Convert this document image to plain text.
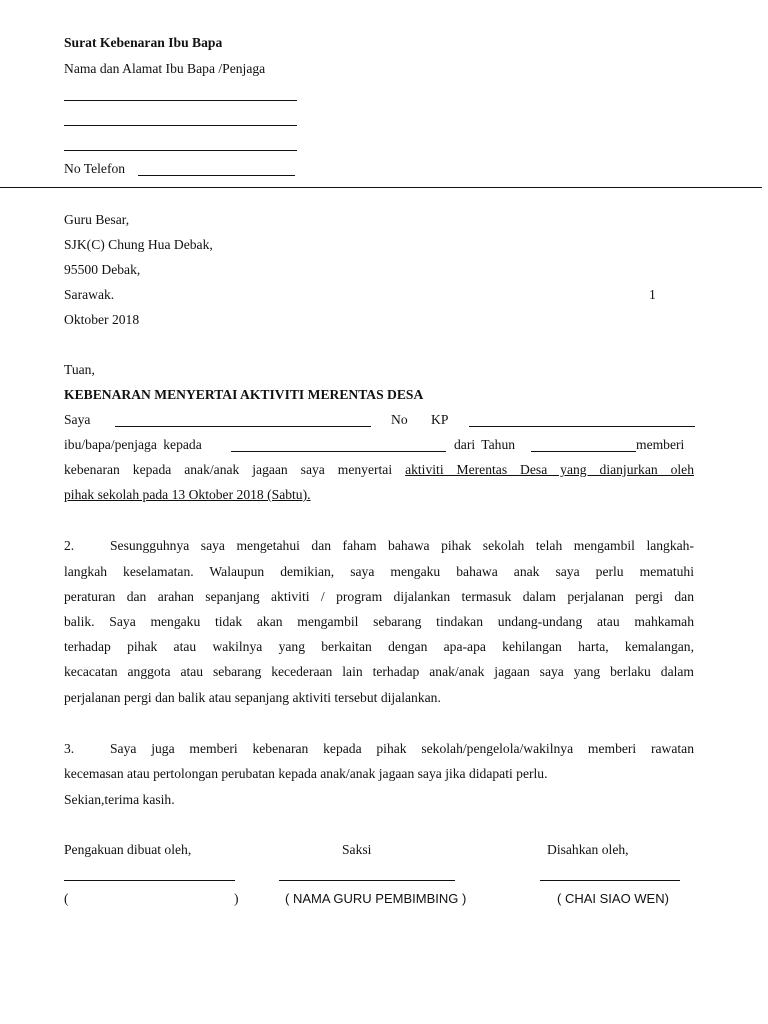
Surat Kebenaran Ibu Bapa
Nama dan Alamat Ibu Bapa /Penjaga
No Telefon
Guru Besar,
SJK(C) Chung Hua Debak,
95500 Debak,
Sarawak.	1
Oktober 2018
Tuan,
KEBENARAN MENYERTAI AKTIVITI MERENTAS DESA
Saya	No KP
ibu/bapa/penjaga kepada	dari Tahun	memberi
kebenaran kepada anak/anak jagaan saya menyertai aktiviti Merentas Desa yang dianjurkan oleh
pihak sekolah pada 13 Oktober 2018 (Sabtu).
2.	Sesungguhnya saya mengetahui dan faham bahawa pihak sekolah telah mengambil langkah-
langkah keselamatan. Walaupun demikian, saya mengaku bahawa anak saya perlu mematuhi
peraturan dan arahan sepanjang aktiviti / program dijalankan termasuk dalam perjalanan pergi dan
balik. Saya mengaku tidak akan mengambil sebarang tindakan undang-undang atau mahkamah
terhadap pihak atau wakilnya yang berkaitan dengan apa-apa kehilangan harta, kemalangan,
kecacatan anggota atau sebarang kecederaan lain terhadap anak/anak jagaan saya yang berlaku dalam
perjalanan pergi dan balik atau sepanjang aktiviti tersebut dijalankan.
3.	Saya juga memberi kebenaran kepada pihak sekolah/pengelola/wakilnya memberi rawatan
kecemasan atau pertolongan perubatan kepada anak/anak jagaan saya jika didapati perlu.
Sekian,terima kasih.
Pengakuan dibuat oleh,	Saksi	Disahkan oleh,
(	)	( NAMA GURU PEMBIMBING )	( CHAI SIAO WEN)
